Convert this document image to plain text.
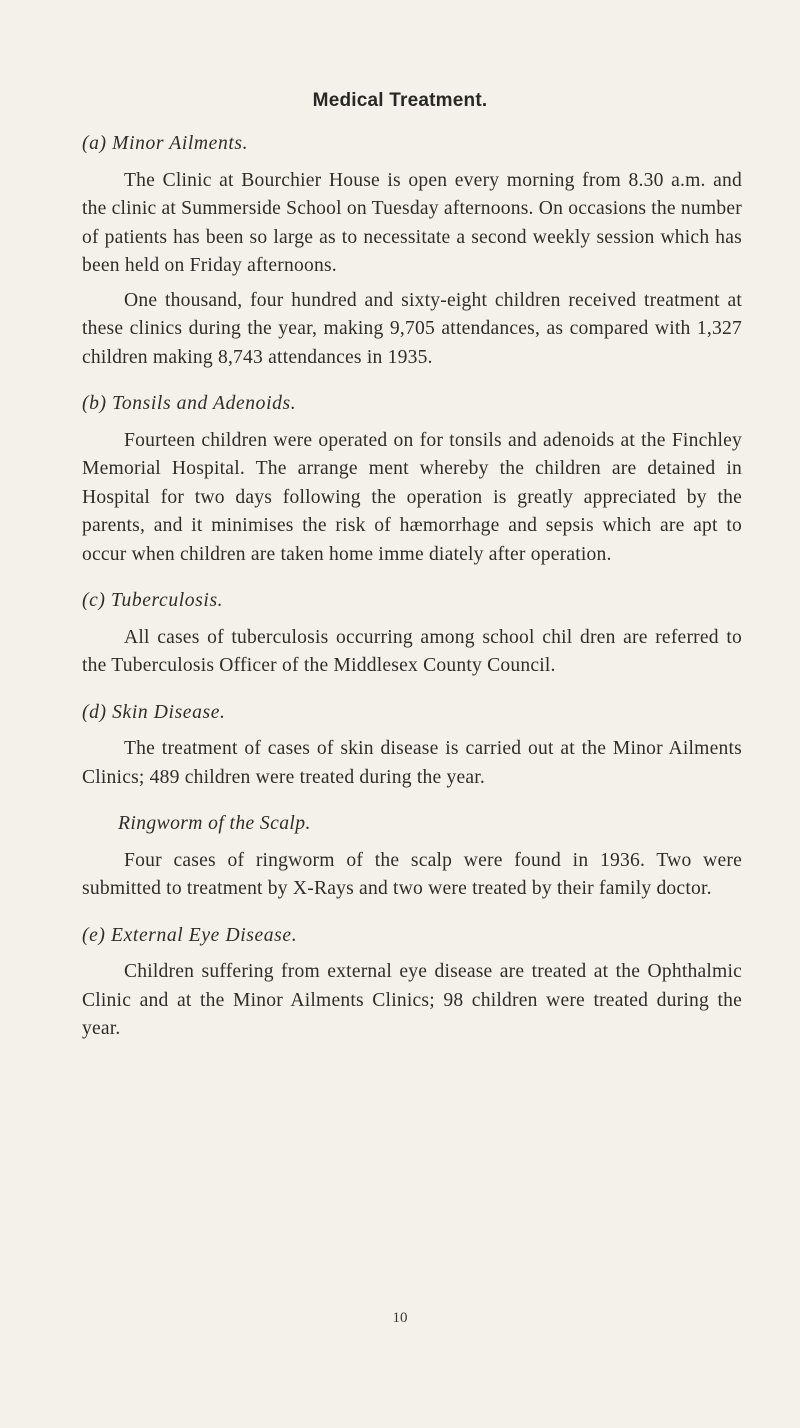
Medical Treatment.

(a) Minor Ailments.

The Clinic at Bourchier House is open every morning from 8.30 a.m. and the clinic at Summerside School on Tuesday afternoons. On occasions the number of patients has been so large as to necessitate a second weekly session which has been held on Friday afternoons.

One thousand, four hundred and sixty-eight children received treatment at these clinics during the year, making 9,705 attendances, as compared with 1,327 children making 8,743 attendances in 1935.

(b) Tonsils and Adenoids.

Fourteen children were operated on for tonsils and adenoids at the Finchley Memorial Hospital. The arrange ment whereby the children are detained in Hospital for two days following the operation is greatly appreciated by the parents, and it minimises the risk of hæmorrhage and sepsis which are apt to occur when children are taken home imme diately after operation.

(c) Tuberculosis.

All cases of tuberculosis occurring among school chil dren are referred to the Tuberculosis Officer of the Middlesex County Council.

(d) Skin Disease.

The treatment of cases of skin disease is carried out at the Minor Ailments Clinics; 489 children were treated during the year.

Ringworm of the Scalp.

Four cases of ringworm of the scalp were found in 1936. Two were submitted to treatment by X-Rays and two were treated by their family doctor.

(e) External Eye Disease.

Children suffering from external eye disease are treated at the Ophthalmic Clinic and at the Minor Ailments Clinics; 98 children were treated during the year.

10
